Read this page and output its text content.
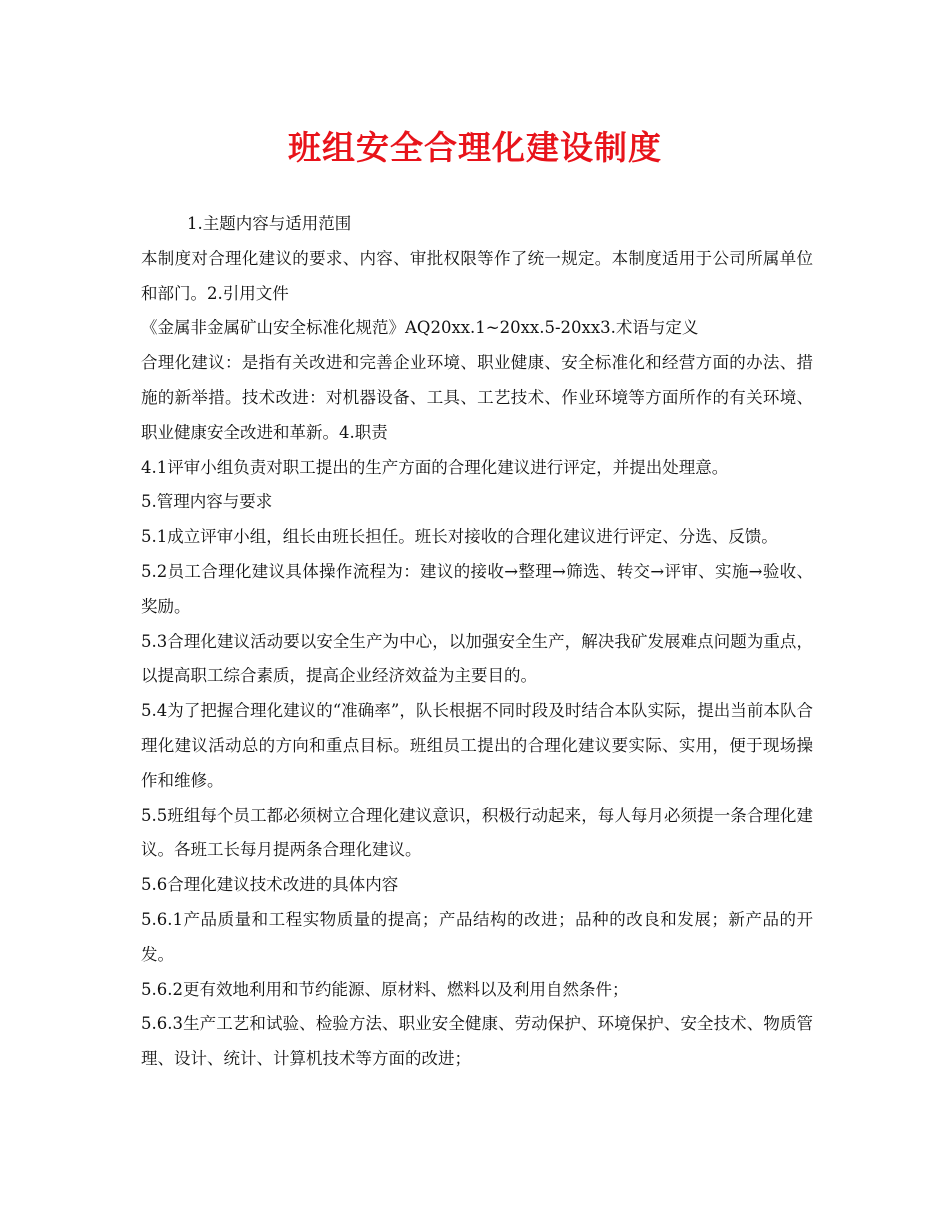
班组安全合理化建设制度

1.主题内容与适用范围

本制度对合理化建议的要求、内容、审批权限等作了统一规定。本制度适用于公司所属单位和部门。2.引用文件

《金属非金属矿山安全标准化规范》AQ20xx.1~20xx.5-20xx3.术语与定义

合理化建议：是指有关改进和完善企业环境、职业健康、安全标准化和经营方面的办法、措施的新举措。技术改进：对机器设备、工具、工艺技术、作业环境等方面所作的有关环境、职业健康安全改进和革新。4.职责

4.1评审小组负责对职工提出的生产方面的合理化建议进行评定，并提出处理意。

5.管理内容与要求

5.1成立评审小组，组长由班长担任。班长对接收的合理化建议进行评定、分选、反馈。

5.2员工合理化建议具体操作流程为：建议的接收→整理→筛选、转交→评审、实施→验收、奖励。

5.3合理化建议活动要以安全生产为中心，以加强安全生产，解决我矿发展难点问题为重点，以提高职工综合素质，提高企业经济效益为主要目的。

5.4为了把握合理化建议的“准确率”，队长根据不同时段及时结合本队实际，提出当前本队合理化建议活动总的方向和重点目标。班组员工提出的合理化建议要实际、实用，便于现场操作和维修。

5.5班组每个员工都必须树立合理化建议意识，积极行动起来，每人每月必须提一条合理化建议。各班工长每月提两条合理化建议。

5.6合理化建议技术改进的具体内容

5.6.1产品质量和工程实物质量的提高；产品结构的改进；品种的改良和发展；新产品的开发。

5.6.2更有效地利用和节约能源、原材料、燃料以及利用自然条件；

5.6.3生产工艺和试验、检验方法、职业安全健康、劳动保护、环境保护、安全技术、物质管理、设计、统计、计算机技术等方面的改进；
